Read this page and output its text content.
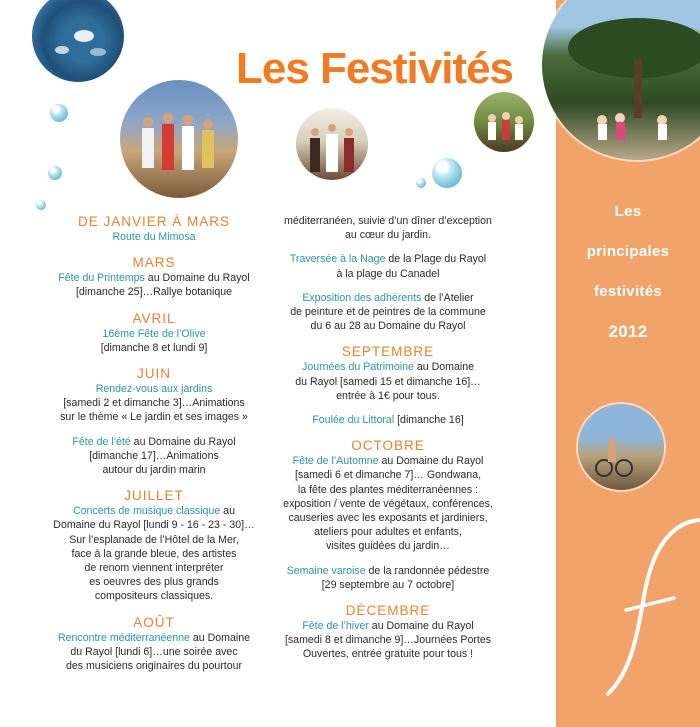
Les
principales
festivités
2012
Les Festivités
DE JANVIER À MARS
Route du Mimosa
MARS
Fête du Printemps au Domaine du Rayol
[dimanche 25]…Rallye botanique
AVRIL
16ème Fête de l’Olive
[dimanche 8 et lundi 9]
JUIN
Rendez-vous aux jardins
[samedi 2 et dimanche 3]…Animations
sur le thème « Le jardin et ses images »
Fête de l’été au Domaine du Rayol
[dimanche 17]…Animations
autour du jardin marin
JUILLET
Concerts de musique classique au
Domaine du Rayol [lundi 9 - 16 - 23 - 30]…
Sur l’esplanade de l’Hôtel de la Mer,
face à la grande bleue, des artistes
de renom viennent interpréter
es oeuvres des plus grands
compositeurs classiques.
AOÛT
Rencontre méditerranéenne au Domaine
du Rayol [lundi 6]…une soirée avec
des musiciens originaires du pourtour
méditerranéen, suivie d’un dîner d’exception
au cœur du jardin.
Traversée à la Nage de la Plage du Rayol
à la plage du Canadel
Exposition des adhérents de l’Atelier
de peinture et de peintres de la commune
du 6 au 28 au Domaine du Rayol
SEPTEMBRE
Journées du Patrimoine au Domaine
du Rayol [samedi 15 et dimanche 16]…
entrée à 1€ pour tous.
Foulée du Littoral [dimanche 16]
OCTOBRE
Fête de l’Automne au Domaine du Rayol
[samedi 6 et dimanche 7]… Gondwana,
la fête des plantes méditerranéennes :
exposition / vente de végétaux, conférences,
causeries avec les exposants et jardiniers,
ateliers pour adultes et enfants,
visites guidées du jardin…
Semaine varoise de la randonnée pédestre
[29 septembre au 7 octobre]
DÉCEMBRE
Fête de l’hiver au Domaine du Rayol
[samedi 8 et dimanche 9]…Journées Portes
Ouvertes, entrée gratuite pour tous !
